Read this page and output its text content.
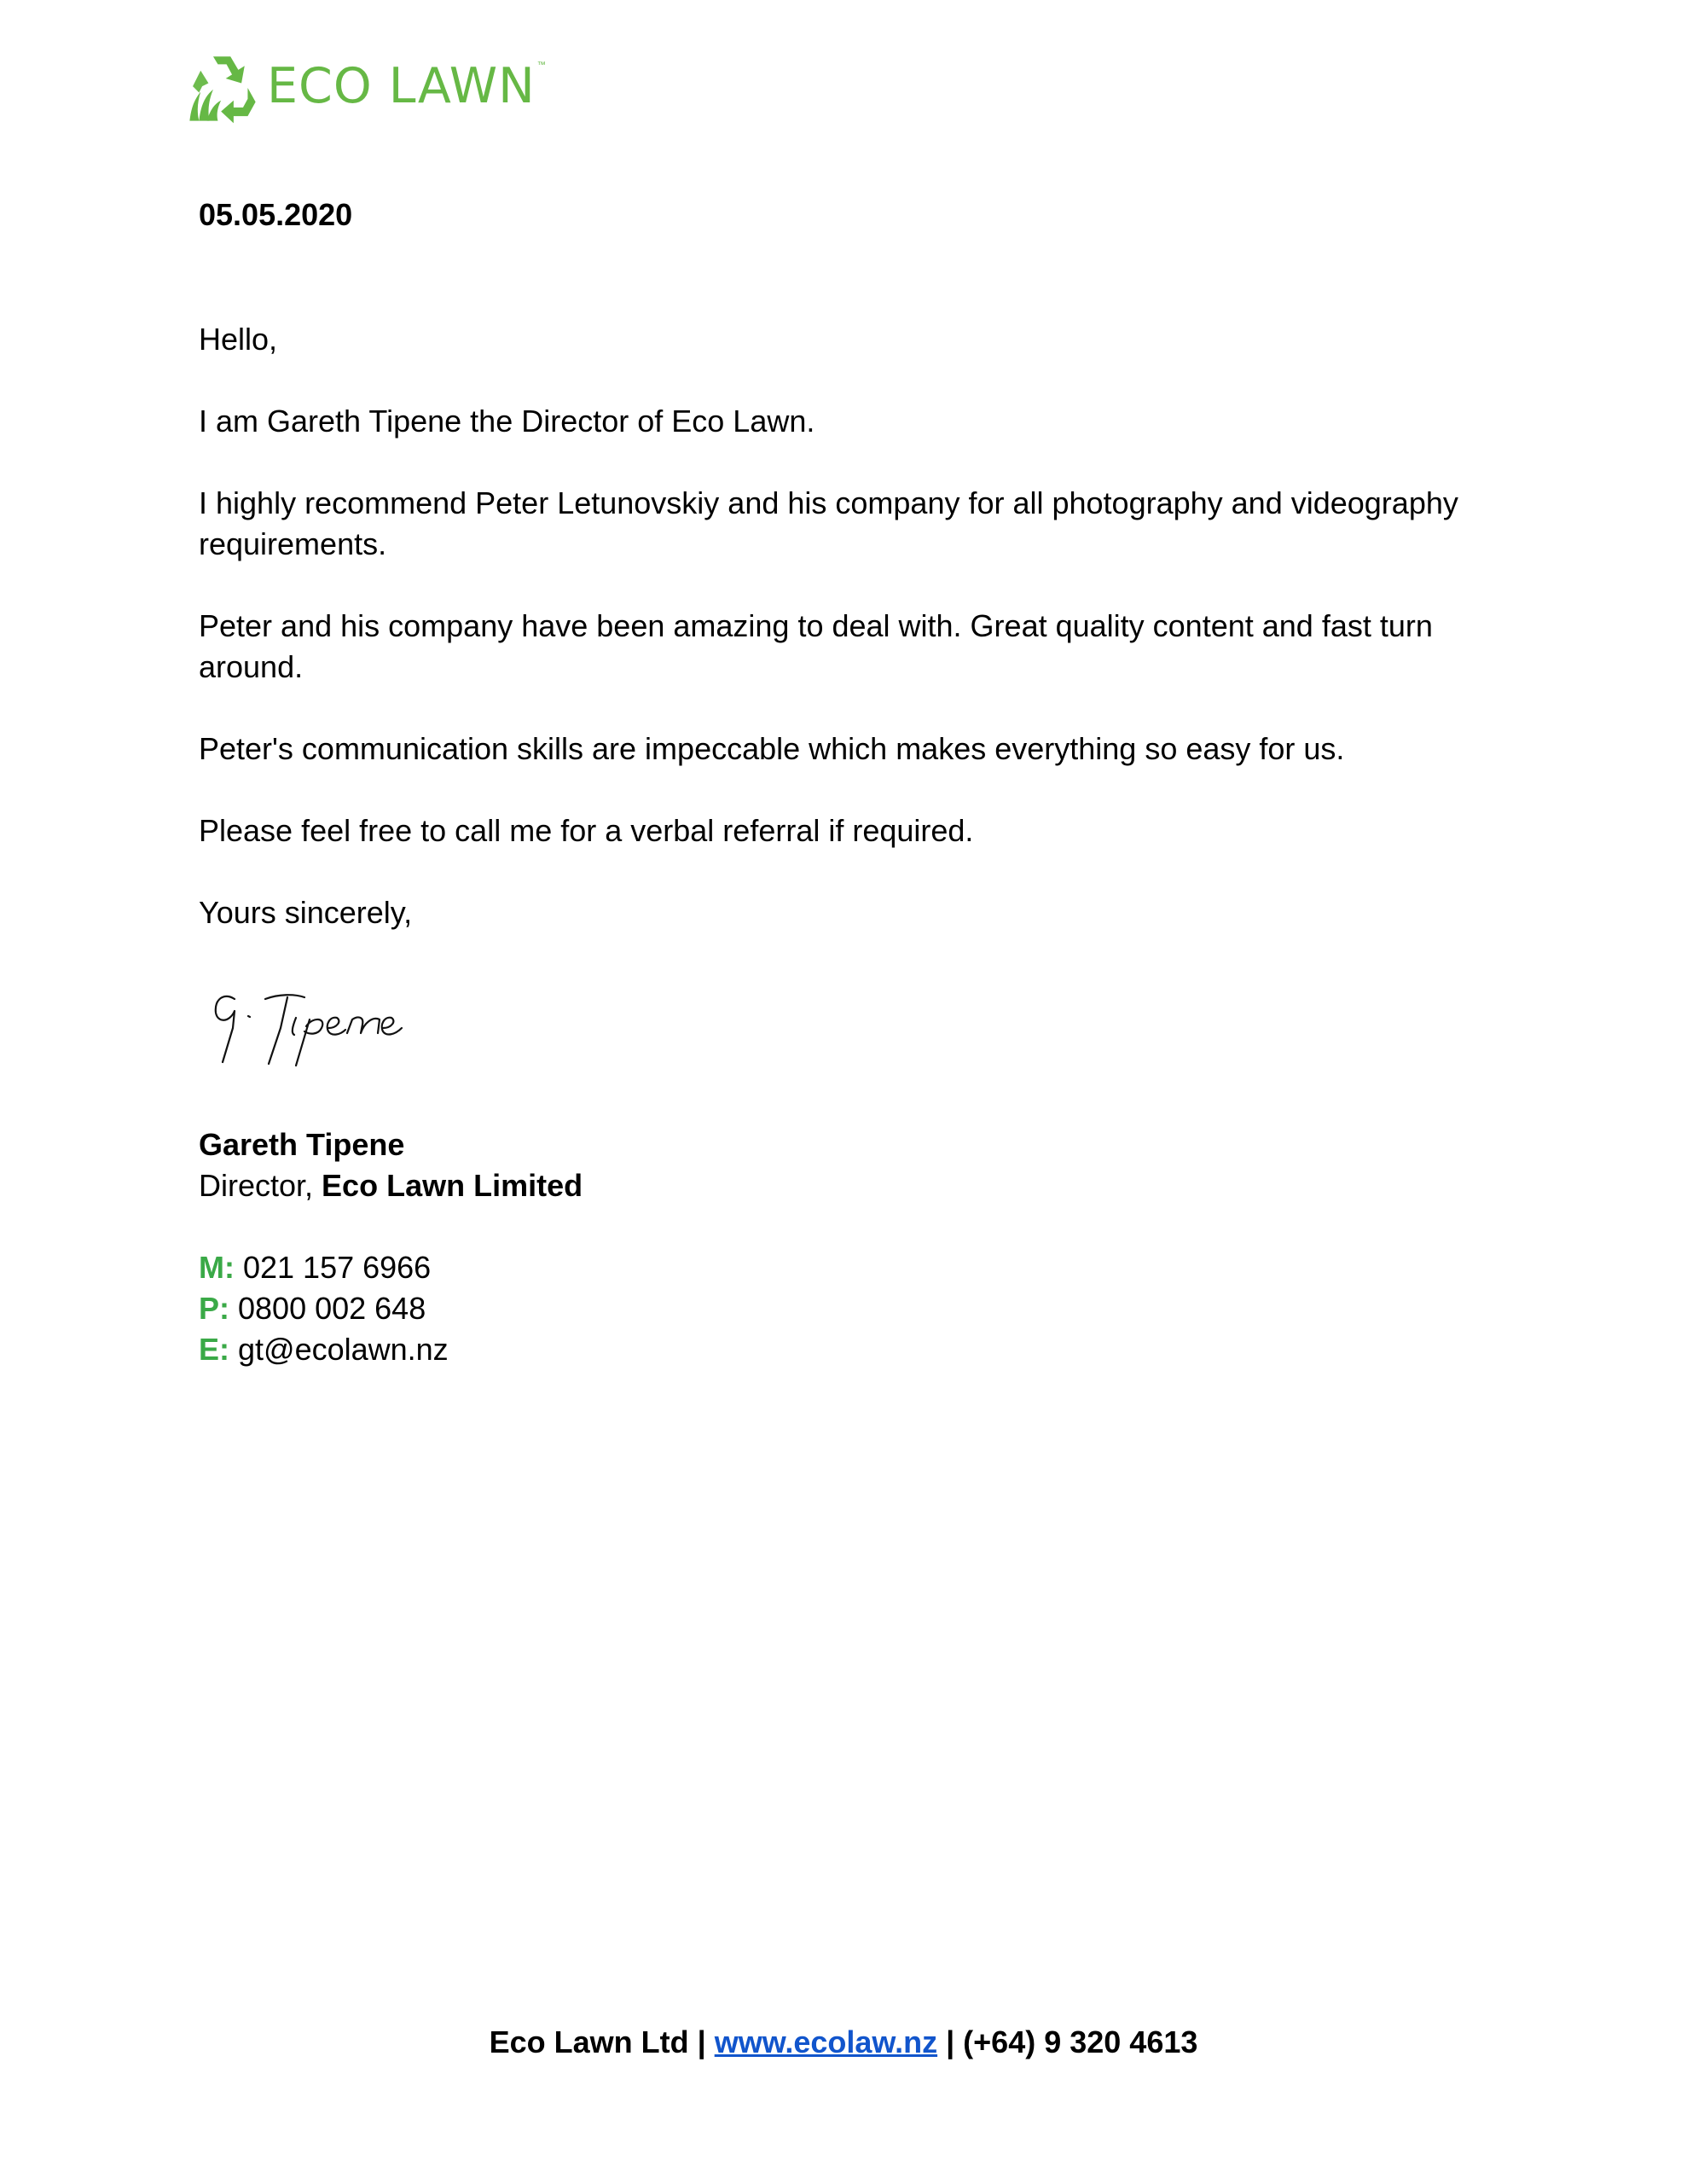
ECO LAWN ™
05.05.2020
Hello,
I am Gareth Tipene the Director of Eco Lawn.
I highly recommend Peter Letunovskiy and his company for all photography and videography requirements.
Peter and his company have been amazing to deal with. Great quality content and fast turn around.
Peter's communication skills are impeccable which makes everything so easy for us.
Please feel free to call me for a verbal referral if required.
Yours sincerely,
Gareth Tipene
Director, Eco Lawn Limited
M: 021 157 6966
P: 0800 002 648
E: gt@ecolawn.nz
Eco Lawn Ltd | www.ecolaw.nz | (+64) 9 320 4613
